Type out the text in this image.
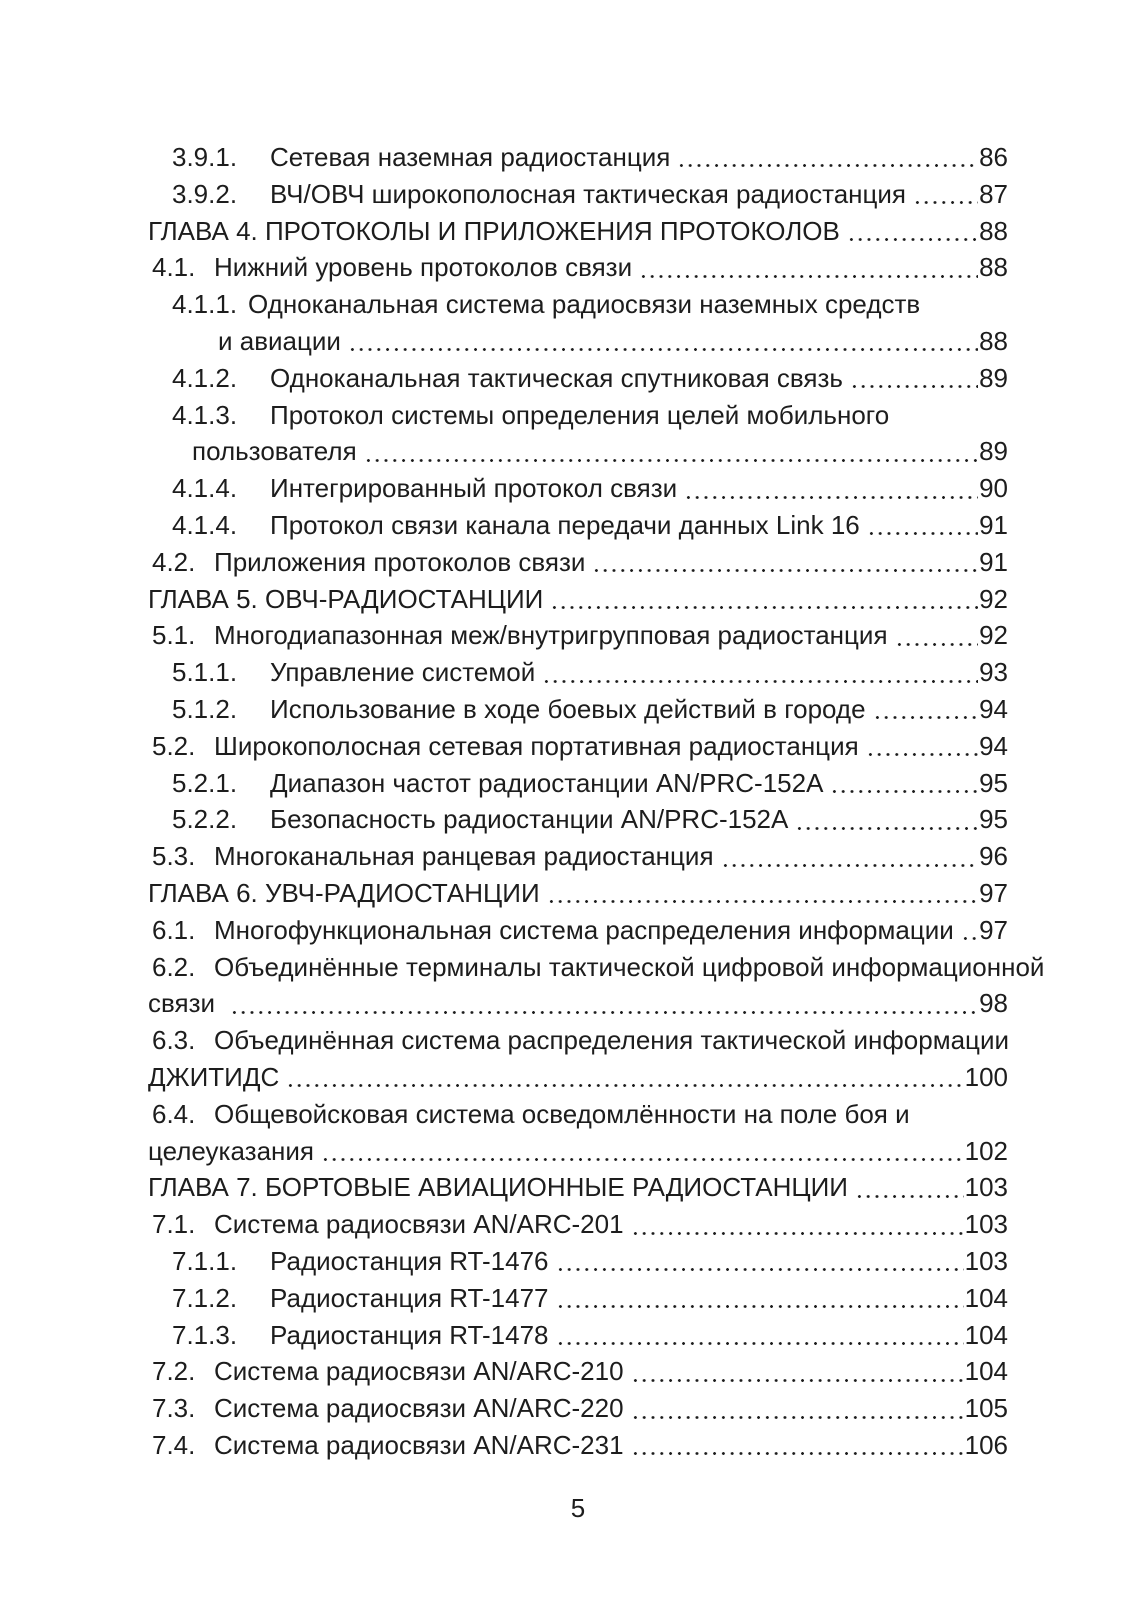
3.9.1.	Сетевая наземная радиостанция	86
3.9.2.	ВЧ/ОВЧ широкополосная тактическая радиостанция	87
ГЛАВА 4. ПРОТОКОЛЫ И ПРИЛОЖЕНИЯ ПРОТОКОЛОВ	88
4.1. Нижний уровень протоколов связи	88
4.1.1. Одноканальная система радиосвязи наземных средств
и авиации	88
4.1.2.	Одноканальная тактическая спутниковая связь	89
4.1.3.	Протокол системы определения целей мобильного
пользователя	89
4.1.4.	Интегрированный протокол связи	90
4.1.4.	Протокол связи канала передачи данных Link 16	91
4.2. Приложения протоколов связи	91
ГЛАВА 5. ОВЧ-РАДИОСТАНЦИИ	92
5.1. Многодиапазонная меж/внутригрупповая радиостанция	92
5.1.1.	Управление системой	93
5.1.2.	Использование в ходе боевых действий в городе	94
5.2. Широкополосная сетевая портативная радиостанция	94
5.2.1.	Диапазон частот радиостанции AN/PRC-152A	95
5.2.2.	Безопасность радиостанции AN/PRC-152A	95
5.3. Многоканальная ранцевая радиостанция	96
ГЛАВА 6. УВЧ-РАДИОСТАНЦИИ	97
6.1. Многофункциональная система распределения информации 97
6.2. Объединённые терминалы тактической цифровой информационной
связи	98
6.3. Объединённая система распределения тактической информации
ДЖИТИДС	100
6.4. Общевойсковая система осведомлённости на поле боя и
целеуказания	102
ГЛАВА 7. БОРТОВЫЕ АВИАЦИОННЫЕ РАДИОСТАНЦИИ	103
7.1. Система радиосвязи AN/ARC-201	103
7.1.1.	Радиостанция RT-1476	103
7.1.2.	Радиостанция RT-1477	104
7.1.3.	Радиостанция RT-1478	104
7.2. Система радиосвязи AN/ARC-210	104
7.3. Система радиосвязи AN/ARC-220	105
7.4. Система радиосвязи AN/ARC-231	106
5
